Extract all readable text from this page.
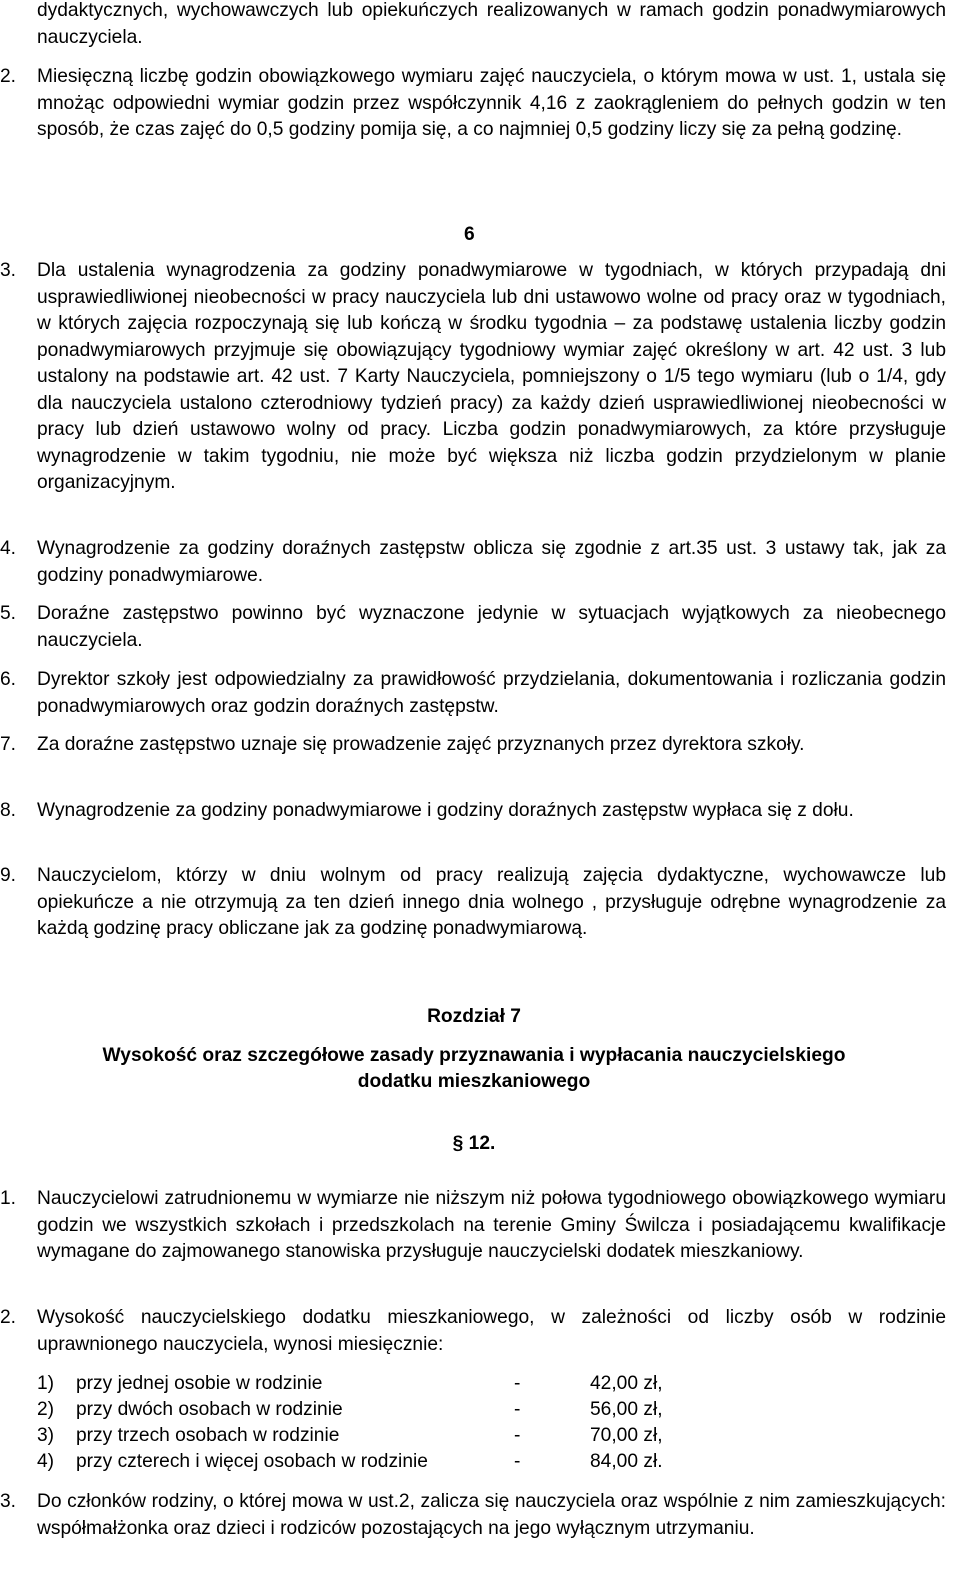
dydaktycznych, wychowawczych lub opiekuńczych realizowanych w ramach godzin ponadwymiarowych nauczyciela.
2. Miesięczną liczbę godzin obowiązkowego wymiaru zajęć nauczyciela, o którym mowa w ust. 1, ustala się mnożąc odpowiedni wymiar godzin przez współczynnik 4,16 z zaokrągleniem do pełnych godzin w ten sposób, że czas zajęć do 0,5 godziny pomija się, a co najmniej 0,5 godziny liczy się za pełną godzinę.
6
3. Dla ustalenia wynagrodzenia za godziny ponadwymiarowe w tygodniach, w których przypadają dni usprawiedliwionej nieobecności w pracy nauczyciela lub dni ustawowo wolne od pracy oraz w tygodniach, w których zajęcia rozpoczynają się lub kończą w środku tygodnia – za podstawę ustalenia liczby godzin ponadwymiarowych przyjmuje się obowiązujący tygodniowy wymiar zajęć określony w art. 42 ust. 3 lub ustalony na podstawie art. 42 ust. 7 Karty Nauczyciela, pomniejszony o 1/5 tego wymiaru (lub o 1/4, gdy dla nauczyciela ustalono czterodniowy tydzień pracy) za każdy dzień usprawiedliwionej nieobecności w pracy lub dzień ustawowo wolny od pracy. Liczba godzin ponadwymiarowych, za które przysługuje wynagrodzenie w takim tygodniu, nie może być większa niż liczba godzin przydzielonym w planie organizacyjnym.
4. Wynagrodzenie za godziny doraźnych zastępstw oblicza się zgodnie z art.35 ust. 3 ustawy tak, jak za godziny ponadwymiarowe.
5. Doraźne zastępstwo powinno być wyznaczone jedynie w sytuacjach wyjątkowych za nieobecnego nauczyciela.
6. Dyrektor szkoły jest odpowiedzialny za prawidłowość przydzielania, dokumentowania i rozliczania godzin ponadwymiarowych oraz godzin doraźnych zastępstw.
7. Za doraźne zastępstwo uznaje się prowadzenie zajęć przyznanych przez dyrektora szkoły.
8. Wynagrodzenie za godziny ponadwymiarowe i godziny doraźnych zastępstw wypłaca się z dołu.
9. Nauczycielom, którzy w dniu wolnym od pracy realizują zajęcia dydaktyczne, wychowawcze lub opiekuńcze a nie otrzymują za ten dzień innego dnia wolnego , przysługuje odrębne wynagrodzenie za każdą godzinę pracy obliczane jak za godzinę ponadwymiarową.
Rozdział 7
Wysokość oraz szczegółowe zasady przyznawania i wypłacania nauczycielskiego
dodatku mieszkaniowego
§ 12.
1. Nauczycielowi zatrudnionemu w wymiarze nie niższym niż połowa tygodniowego obowiązkowego wymiaru godzin we wszystkich szkołach i przedszkolach na terenie Gminy Świlcza i posiadającemu kwalifikacje wymagane do zajmowanego stanowiska przysługuje nauczycielski dodatek mieszkaniowy.
2. Wysokość nauczycielskiego dodatku mieszkaniowego, w zależności od liczby osób w rodzinie uprawnionego nauczyciela, wynosi miesięcznie:
1) przy jednej osobie w rodzinie	-	42,00 zł,
2) przy dwóch osobach w rodzinie	-	56,00 zł,
3) przy trzech osobach w rodzinie	-	70,00 zł,
4) przy czterech i więcej osobach w rodzinie	-	84,00 zł.
3. Do członków rodziny, o której mowa w ust.2, zalicza się nauczyciela oraz wspólnie z nim zamieszkujących: współmałżonka oraz dzieci i rodziców pozostających na jego wyłącznym utrzymaniu.
